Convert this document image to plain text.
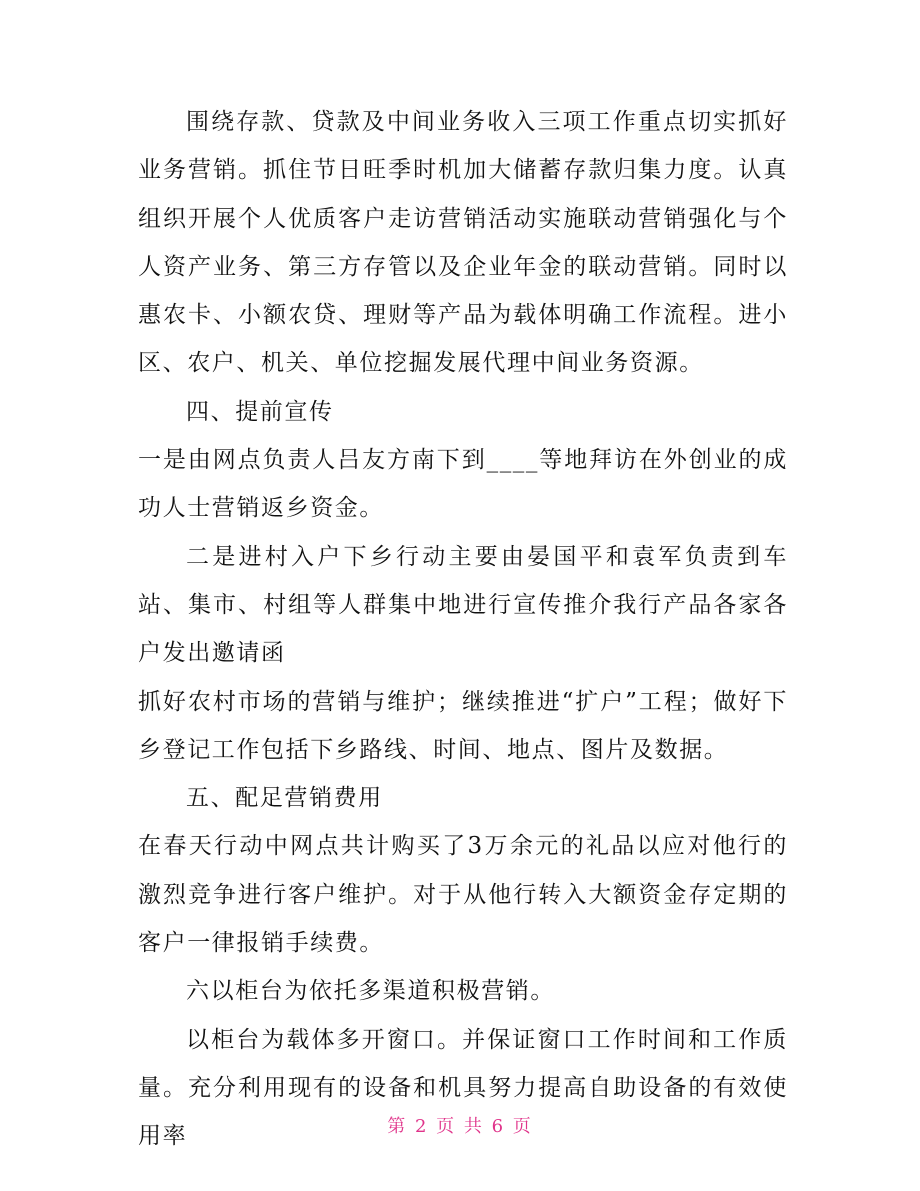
围绕存款、贷款及中间业务收入三项工作重点切实抓好业务营销。抓住节日旺季时机加大储蓄存款归集力度。认真组织开展个人优质客户走访营销活动实施联动营销强化与个人资产业务、第三方存管以及企业年金的联动营销。同时以惠农卡、小额农贷、理财等产品为载体明确工作流程。进小区、农户、机关、单位挖掘发展代理中间业务资源。

四、提前宣传

一是由网点负责人吕友方南下到____等地拜访在外创业的成功人士营销返乡资金。

二是进村入户下乡行动主要由晏国平和袁军负责到车站、集市、村组等人群集中地进行宣传推介我行产品各家各户发出邀请函

抓好农村市场的营销与维护；继续推进“扩户”工程；做好下乡登记工作包括下乡路线、时间、地点、图片及数据。

五、配足营销费用

在春天行动中网点共计购买了3万余元的礼品以应对他行的激烈竞争进行客户维护。对于从他行转入大额资金存定期的客户一律报销手续费。

六以柜台为依托多渠道积极营销。

以柜台为载体多开窗口。并保证窗口工作时间和工作质量。充分利用现有的设备和机具努力提高自助设备的有效使用率	第 2 页 共 6 页
